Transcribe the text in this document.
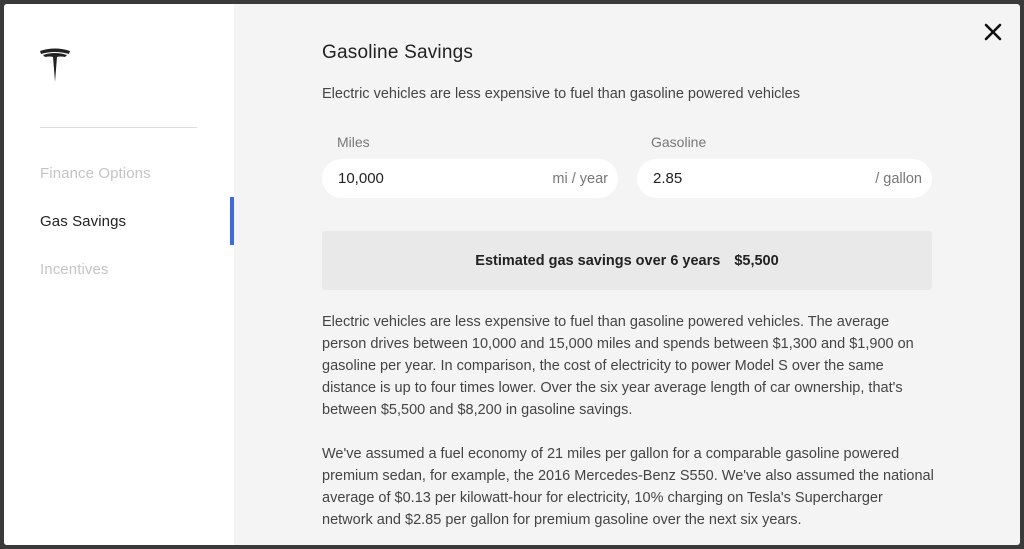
Finance Options
Gas Savings
Incentives
Gasoline Savings
Electric vehicles are less expensive to fuel than gasoline powered vehicles
Miles
10,000
mi / year
Gasoline
2.85
/ gallon
Estimated gas savings over 6 years $5,500
Electric vehicles are less expensive to fuel than gasoline powered vehicles. The average person drives between 10,000 and 15,000 miles and spends between $1,300 and $1,900 on gasoline per year. In comparison, the cost of electricity to power Model S over the same distance is up to four times lower. Over the six year average length of car ownership, that's between $5,500 and $8,200 in gasoline savings.
We've assumed a fuel economy of 21 miles per gallon for a comparable gasoline powered premium sedan, for example, the 2016 Mercedes-Benz S550. We've also assumed the national average of $0.13 per kilowatt-hour for electricity, 10% charging on Tesla's Supercharger network and $2.85 per gallon for premium gasoline over the next six years.
